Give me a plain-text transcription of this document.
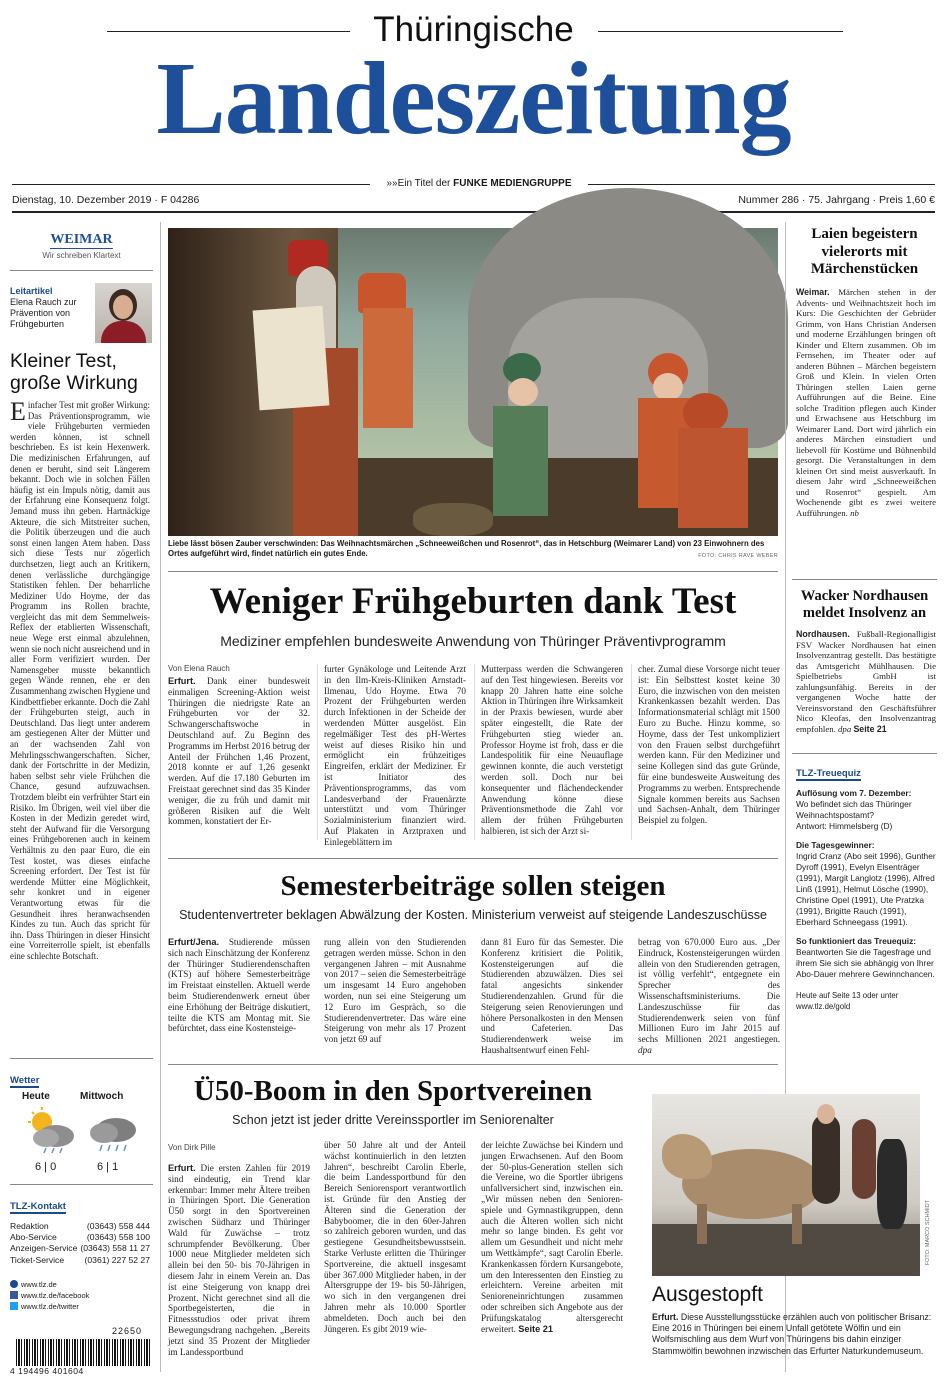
Thüringische
Landeszeitung
»»Ein Titel der FUNKE MEDIENGRUPPE
Dienstag, 10. Dezember 2019 · F 04286	Nummer 286 · 75. Jahrgang · Preis 1,60 €
WEIMAR
Wir schreiben Klartext
Leitartikel
Elena Rauch zur Prävention von Frühgeburten
Kleiner Test, große Wirkung
Einfacher Test mit großer Wirkung: Das Präventionsprogramm, wie viele Frühgeburten vermieden werden können, ist schnell beschrieben. Es ist kein Hexenwerk. Die medizinischen Erfahrungen, auf denen er beruht, sind seit Längerem bekannt. Doch wie in solchen Fällen häufig ist ein Impuls nötig, damit aus der Erfahrung eine Konsequenz folgt. Jemand muss ihn geben. Hartnäckige Akteure, die sich Mitstreiter suchen, die Politik überzeugen und die auch sonst einen langen Atem haben. Dass sich diese Tests nur zögerlich durchsetzen, liegt auch an Kritikern, denen verlässliche durchgängige Statistiken fehlen. Der beharrliche Mediziner Udo Hoyme, der das Programm ins Rollen brachte, vergleicht das mit dem Semmelweis-Reflex der etablierten Wissenschaft, neue Wege erst einmal abzulehnen, wenn sie noch nicht ausreichend und in aller Form verifiziert wurden. Der Namensgeber musste bekanntlich gegen Wände rennen, ehe er den Zusammenhang zwischen Hygiene und Kindbettfieber erkannte. Doch die Zahl der Frühgeburten steigt, auch in Deutschland. Das liegt unter anderem am gestiegenen Alter der Mütter und an der wachsenden Zahl von Mehrlingsschwangerschaften. Sicher, dank der Fortschritte in der Medizin, haben selbst sehr viele Frühchen die Chance, gesund aufzuwachsen. Trotzdem bleibt ein verfrühter Start ein Risiko. Im Übrigen, weil viel über die Kosten in der Medizin geredet wird, steht der Aufwand für die Versorgung eines Frühgeborenen auch in keinem Verhältnis zu den paar Euro, die ein Test kostet, was dieses einfache Screening erfordert. Der Test ist für werdende Mütter eine Möglichkeit, sehr konkret und in eigener Verantwortung etwas für die Gesundheit ihres heranwachsenden Kindes zu tun. Auch das spricht für ihn. Dass Thüringen in dieser Hinsicht eine Vorreiterrolle spielt, ist ebenfalls eine schlechte Botschaft.
Wetter
Heute	Mittwoch
6 | 0	6 | 1
TLZ-Kontakt
Redaktion	(03643) 558 444
Abo-Service	(03643) 558 100
Anzeigen-Service (03643) 558 11 27
Ticket-Service (0361) 227 52 27
www.tlz.de
www.tlz.de/facebook
www.tlz.de/twitter
22650
4 194496 401604
Liebe lässt bösen Zauber verschwinden: Das Weihnachtsmärchen „Schneeweißchen und Rosenrot“, das in Hetschburg (Weimarer Land) von 23 Einwohnern des Ortes aufgeführt wird, findet natürlich ein gutes Ende.	FOTO: CHRIS RAVE WEBER
Laien begeistern vielerorts mit Märchenstücken
Weimar. Märchen stehen in der Advents- und Weihnachtszeit hoch im Kurs: Die Geschichten der Gebrüder Grimm, von Hans Christian Andersen und moderne Erzählungen bringen oft Kinder und Eltern zusammen. Ob im Fernsehen, im Theater oder auf anderen Bühnen – Märchen begeistern Groß und Klein. In vielen Orten Thüringen stellen Laien gerne Aufführungen auf die Beine. Eine solche Tradition pflegen auch Kinder und Erwachsene aus Hetschburg im Weimarer Land. Dort wird jährlich ein anderes Märchen einstudiert und liebevoll für Kostüme und Bühnenbild gesorgt. Die Veranstaltungen in dem kleinen Ort sind meist ausverkauft. In diesem Jahr wird „Schneeweißchen und Rosenrot“ gespielt. Am Wochenende gibt es zwei weitere Aufführungen. nb
Wacker Nordhausen meldet Insolvenz an
Nordhausen. Fußball-Regionalligist FSV Wacker Nordhausen hat einen Insolvenzantrag gestellt. Das bestätigte das Amtsgericht Mühlhausen. Die Spielbetriebs GmbH ist zahlungsunfähig. Bereits in der vergangenen Woche hatte der Vereinsvorstand den Geschäftsführer Nico Kleofas, den Insolvenzantrag empfohlen. dpa Seite 21
TLZ-Treuequiz
Auflösung vom 7. Dezember:
Wo befindet sich das Thüringer Weihnachtspostamt?
Antwort: Himmelsberg (D)
Die Tagesgewinner:
Ingrid Cranz (Abo seit 1996), Gunther Dyroff (1991), Evelyn Elsenträger (1991), Margit Langlotz (1996), Alfred Linß (1991), Helmut Lösche (1990), Christine Opel (1991), Ute Pratzka (1991), Brigitte Rauch (1991), Eberhard Schneegass (1991).
So funktioniert das Treuequiz:
Beantworten Sie die Tagesfrage und ihrem Sie sich sie abhängig von Ihrer Abo-Dauer mehrere Gewinnchancen.
Heute auf Seite 13 oder unter www.tlz.de/gold
Weniger Frühgeburten dank Test
Mediziner empfehlen bundesweite Anwendung von Thüringer Präventivprogramm
Von Elena Rauch
Erfurt. Dank einer bundesweit einmaligen Screening-Aktion weist Thüringen die niedrigste Rate an Frühgeburten vor der 32. Schwangerschaftswoche in Deutschland auf. Zu Beginn des Programms im Herbst 2016 betrug der Anteil der Frühchen 1,46 Prozent, 2018 konnte er auf 1,26 gesenkt werden. Auf die 17.180 Geburten im Freistaat gerechnet sind das 35 Kinder weniger, die zu früh und damit mit größeren Risiken auf die Welt kommen, konstatiert der Er-
furter Gynäkologe und Leitende Arzt in den Ilm-Kreis-Kliniken Arnstadt-Ilmenau, Udo Hoyme. Etwa 70 Prozent der Frühgeburten werden durch Infektionen in der Scheide der werdenden Mütter ausgelöst. Ein regelmäßiger Test des pH-Wertes weist auf dieses Risiko hin und ermöglicht ein frühzeitiges Eingreifen, erklärt der Mediziner. Er ist Initiator des Präventionsprogramms, das vom Landesverband der Frauenärzte unterstützt und vom Thüringer Sozialministerium finanziert wird. Auf Plakaten in Arztpraxen und Einlegeblättern im
Mutterpass werden die Schwangeren auf den Test hingewiesen. Bereits vor knapp 20 Jahren hatte eine solche Aktion in Thüringen ihre Wirksamkeit in der Praxis bewiesen, wurde aber später eingestellt, die Rate der Frühgeburten stieg wieder an. Professor Hoyme ist froh, dass er die Landespolitik für eine Neuauflage gewinnen konnte, die auch verstetigt werden soll. Doch nur bei konsequenter und flächendeckender Anwendung könne diese Präventionsmethode die Zahl vor allem der frühen Frühgeburten halbieren, ist sich der Arzt si-
cher. Zumal diese Vorsorge nicht teuer ist: Ein Selbsttest kostet keine 30 Euro, die inzwischen von den meisten Krankenkassen bezahlt werden. Das Informationsmaterial schlägt mit 1500 Euro zu Buche. Hinzu komme, so Hoyme, dass der Test unkompliziert von den Frauen selbst durchgeführt werden kann. Für den Mediziner und seine Kollegen sind das gute Gründe, für eine bundesweite Ausweitung des Programms zu werben. Entsprechende Signale kommen bereits aus Sachsen und Sachsen-Anhalt, dem Thüringer Beispiel zu folgen.
Semesterbeiträge sollen steigen
Studentenvertreter beklagen Abwälzung der Kosten. Ministerium verweist auf steigende Landeszuschüsse
Erfurt/Jena. Studierende müssen sich nach Einschätzung der Konferenz der Thüringer Studierendenschaften (KTS) auf höhere Semesterbeiträge im Freistaat einstellen. Aktuell werde beim Studierendenwerk erneut über eine Erhöhung der Beiträge diskutiert, teilte die KTS am Montag mit. Sie befürchtet, dass eine Kostensteige-
rung allein von den Studierenden getragen werden müsse. Schon in den vergangenen Jahren – mit Ausnahme von 2017 – seien die Semesterbeiträge um insgesamt 14 Euro angehoben worden, nun sei eine Steigerung um 12 Euro im Gespräch, so die Studierendenvertreter. Das wäre eine Steigerung von mehr als 17 Prozent von jetzt 69 auf
dann 81 Euro für das Semester. Die Konferenz kritisiert die Politik, Kostensteigerungen auf die Studierenden abzuwälzen. Dies sei fatal angesichts sinkender Studierendenzahlen. Grund für die Steigerung seien Renovierungen und höhere Personalkosten in den Mensen und Cafeterien. Das Studierendenwerk weise im Haushaltsentwurf einen Fehl-
betrag von 670.000 Euro aus. „Der Eindruck, Kostensteigerungen würden allein von den Studierenden getragen, ist völlig verfehlt“, entgegnete ein Sprecher des Wissenschaftsministeriums. Die Landeszuschüsse für das Studierendenwerk seien von fünf Millionen Euro im Jahr 2015 auf sechs Millionen 2021 angestiegen. dpa
Ü50-Boom in den Sportvereinen
Schon jetzt ist jeder dritte Vereinssportler im Seniorenalter
Von Dirk Pille
Erfurt. Die ersten Zahlen für 2019 sind eindeutig, ein Trend klar erkennbar: Immer mehr Ältere treiben in Thüringen Sport. Die Generation Ü50 sorgt in den Sportvereinen zwischen Südharz und Thüringer Wald für Zuwächse – trotz schrumpfender Bevölkerung. Über 1000 neue Mitglieder meldeten sich allein bei den 50- bis 70-Jährigen in diesem Jahr in einem Verein an. Das ist eine Steigerung von knapp drei Prozent. Nicht gerechnet sind all die Sportbegeisterten, die in Fitnessstudios oder privat ihrem Bewegungsdrang nachgehen. „Bereits jetzt sind 35 Prozent der Mitglieder im Landessportbund
über 50 Jahre alt und der Anteil wächst kontinuierlich in den letzten Jahren“, beschreibt Carolin Eberle, die beim Landessportbund für den Bereich Seniorensport verantwortlich ist. Gründe für den Anstieg der Älteren sind die Generation der Babyboomer, die in den 60er-Jahren so zahlreich geboren wurden, und das gestiegene Gesundheitsbewusstsein. Starke Verluste erlitten die Thüringer Sportvereine, die aktuell insgesamt über 367.000 Mitglieder haben, in der Altersgruppe der 19- bis 50-Jährigen, wo sich in den vergangenen drei Jahren mehr als 10.000 Sportler abmeldeten. Doch auch bei den Jüngeren. Es gibt 2019 wie-
der leichte Zuwächse bei Kindern und jungen Erwachsenen. Auf den Boom der 50-plus-Generation stellen sich die Vereine, wo die Sportler übrigens unfallversichert sind, inzwischen ein. „Wir müssen neben den Senioren-spiele und Gymnastikgruppen, denn auch die Älteren wollen sich nicht mehr so lange binden. Es geht vor allem um Gesundheit und nicht mehr um Wettkämpfe“, sagt Carolin Eberle. Krankenkassen fördern Kursangebote, um den Interessenten den Einstieg zu erleichtern. Vereine arbeiten mit Senioreneinrichtungen zusammen oder schreiben sich Angebote aus der Prüfungskatalog altersgerecht erweitert. Seite 21
FOTO: MARCO SCHMIDT
Ausgestopft
Erfurt. Diese Ausstellungsstücke erzählen auch von politischer Brisanz: Eine 2016 in Thüringen bei einem Unfall getötete Wölfin und ein Wolfsmischling aus dem Wurf von Thüringens bis dahin einziger Stammwölfin bewohnen inzwischen das Erfurter Naturkundemuseum.
